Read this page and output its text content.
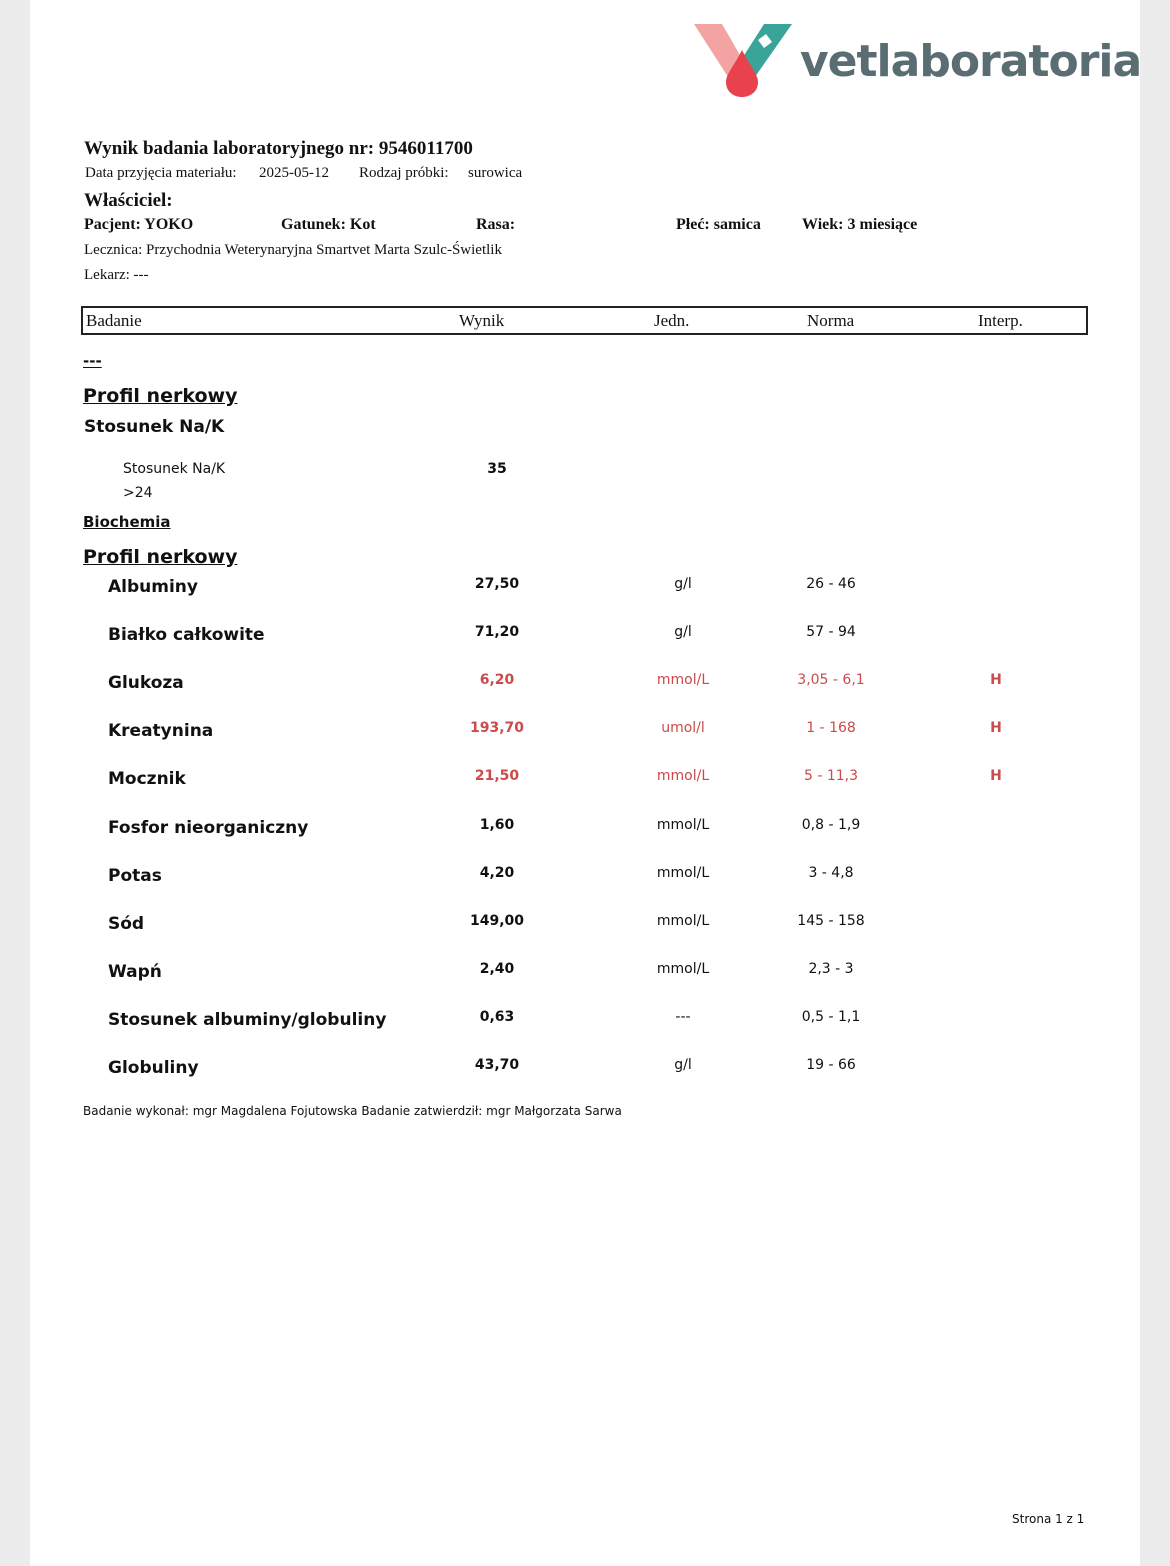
vetlaboratoria
Wynik badania laboratoryjnego nr: 9546011700
Data przyjęcia materiału: 2025-05-12 Rodzaj próbki: surowica
Właściciel:
Pacjent: YOKO	Gatunek: Kot	Rasa:	Płeć: samica	Wiek: 3 miesiące
Lecznica: Przychodnia Weterynaryjna Smartvet Marta Szulc-Świetlik
Lekarz: ---
Badanie	Wynik	Jedn.	Norma	Interp.
---
Profil nerkowy
Stosunek Na/K
Stosunek Na/K	35
>24
Biochemia
Profil nerkowy
Albuminy	27,50	g/l	26 - 46
Białko całkowite	71,20	g/l	57 - 94
Glukoza	6,20	mmol/L	3,05 - 6,1	H
Kreatynina	193,70	umol/l	1 - 168	H
Mocznik	21,50	mmol/L	5 - 11,3	H
Fosfor nieorganiczny	1,60	mmol/L	0,8 - 1,9
Potas	4,20	mmol/L	3 - 4,8
Sód	149,00	mmol/L	145 - 158
Wapń	2,40	mmol/L	2,3 - 3
Stosunek albuminy/globuliny	0,63	---	0,5 - 1,1
Globuliny	43,70	g/l	19 - 66
Badanie wykonał: mgr Magdalena Fojutowska Badanie zatwierdził: mgr Małgorzata Sarwa
Strona 1 z 1
